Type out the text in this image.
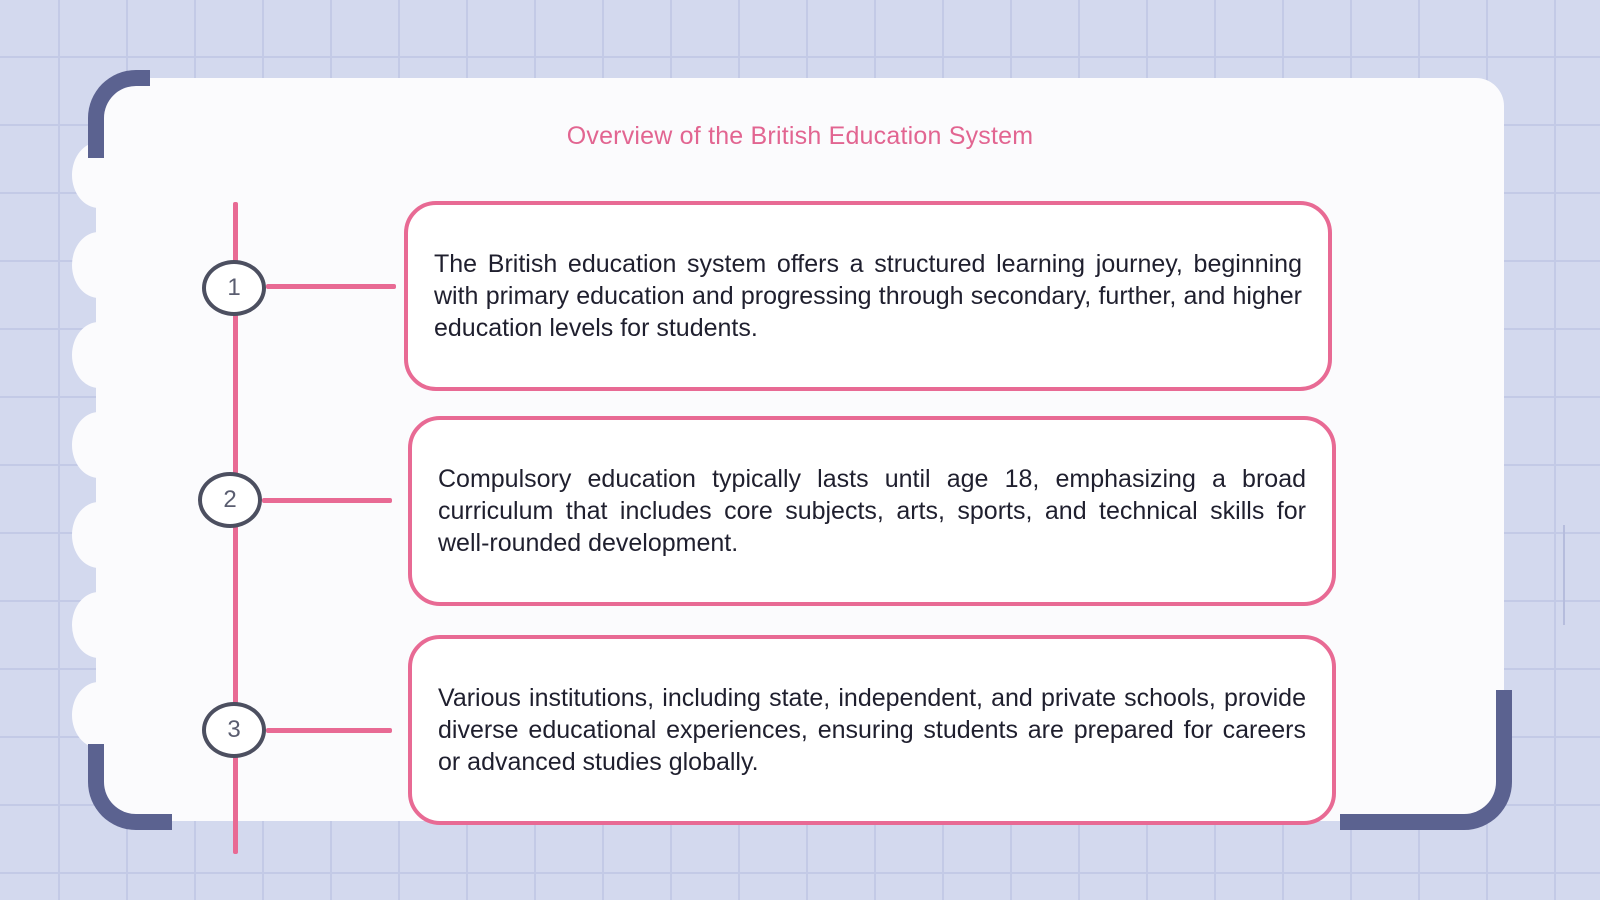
Overview of the British Education System
1
2
3

The British education system offers a structured learning journey, beginning with primary education and progressing through secondary, further, and higher education levels for students.

Compulsory education typically lasts until age 18, emphasizing a broad curriculum that includes core subjects, arts, sports, and technical skills for well-rounded development.

Various institutions, including state, independent, and private schools, provide diverse educational experiences, ensuring students are prepared for careers or advanced studies globally.
